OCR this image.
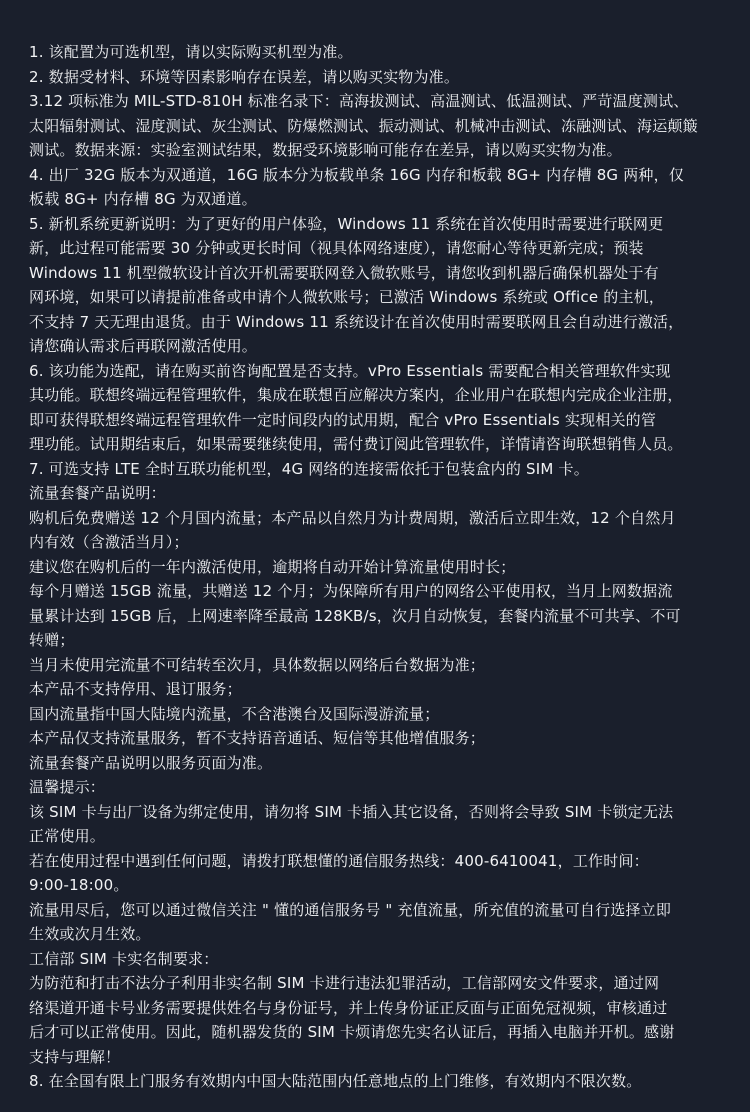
1. 该配置为可选机型，请以实际购买机型为准。

2. 数据受材料、环境等因素影响存在误差，请以购买实物为准。

3.12 项标准为 MIL-STD-810H 标准名录下：高海拔测试、高温测试、低温测试、严苛温度测试、

太阳辐射测试、湿度测试、灰尘测试、防爆燃测试、振动测试、机械冲击测试、冻融测试、海运颠簸

测试。数据来源：实验室测试结果，数据受环境影响可能存在差异，请以购买实物为准。

4. 出厂 32G 版本为双通道，16G 版本分为板载单条 16G 内存和板载 8G+ 内存槽 8G 两种，仅

板载 8G+ 内存槽 8G 为双通道。

5. 新机系统更新说明：为了更好的用户体验，Windows 11 系统在首次使用时需要进行联网更

新，此过程可能需要 30 分钟或更长时间（视具体网络速度），请您耐心等待更新完成；预装

Windows 11 机型微软设计首次开机需要联网登入微软账号，请您收到机器后确保机器处于有

网环境，如果可以请提前准备或申请个人微软账号；已激活 Windows 系统或 Office 的主机，

不支持 7 天无理由退货。由于 Windows 11 系统设计在首次使用时需要联网且会自动进行激活，

请您确认需求后再联网激活使用。

6. 该功能为选配，请在购买前咨询配置是否支持。vPro Essentials 需要配合相关管理软件实现

其功能。联想终端远程管理软件，集成在联想百应解决方案内，企业用户在联想内完成企业注册，

即可获得联想终端远程管理软件一定时间段内的试用期，配合 vPro Essentials 实现相关的管

理功能。试用期结束后，如果需要继续使用，需付费订阅此管理软件，详情请咨询联想销售人员。

7. 可选支持 LTE 全时互联功能机型，4G 网络的连接需依托于包装盒内的 SIM 卡。

流量套餐产品说明：

购机后免费赠送 12 个月国内流量；本产品以自然月为计费周期，激活后立即生效，12 个自然月

内有效（含激活当月）；

建议您在购机后的一年内激活使用，逾期将自动开始计算流量使用时长；

每个月赠送 15GB 流量，共赠送 12 个月；为保障所有用户的网络公平使用权，当月上网数据流

量累计达到 15GB 后，上网速率降至最高 128KB/s，次月自动恢复，套餐内流量不可共享、不可

转赠；

当月未使用完流量不可结转至次月，具体数据以网络后台数据为准；

本产品不支持停用、退订服务；

国内流量指中国大陆境内流量，不含港澳台及国际漫游流量；

本产品仅支持流量服务，暂不支持语音通话、短信等其他增值服务；

流量套餐产品说明以服务页面为准。

温馨提示：

该 SIM 卡与出厂设备为绑定使用，请勿将 SIM 卡插入其它设备，否则将会导致 SIM 卡锁定无法

正常使用。

若在使用过程中遇到任何问题，请拨打联想懂的通信服务热线：400-6410041，工作时间：

9:00-18:00。

流量用尽后，您可以通过微信关注 " 懂的通信服务号 " 充值流量，所充值的流量可自行选择立即

生效或次月生效。

工信部 SIM 卡实名制要求：

为防范和打击不法分子利用非实名制 SIM 卡进行违法犯罪活动，工信部网安文件要求，通过网

络渠道开通卡号业务需要提供姓名与身份证号，并上传身份证正反面与正面免冠视频，审核通过

后才可以正常使用。因此，随机器发货的 SIM 卡烦请您先实名认证后，再插入电脑并开机。感谢

支持与理解！

8. 在全国有限上门服务有效期内中国大陆范围内任意地点的上门维修，有效期内不限次数。
